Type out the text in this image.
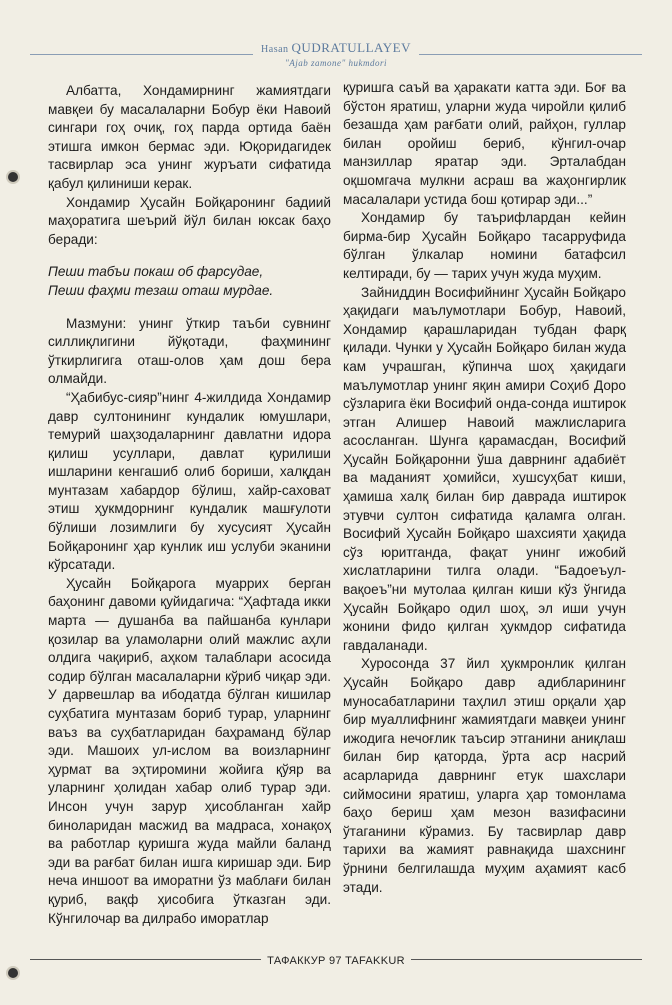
Hasan QUDRATULLAYEV
"Ajab zamone" hukmdori

Албатта, Хондамирнинг жамиятдаги мавқеи бу масалаларни Бобур ёки Навоий сингари гоҳ очиқ, гоҳ парда ортида баён этишга имкон бермас эди. Юқоридагидек тасвирлар эса унинг журъати сифатида қабул қилиниши керак.

Хондамир Ҳусайн Бойқаронинг бадиий маҳоратига шеърий йўл билан юксак баҳо беради:

Пеши табъи покаш об фарсудае,
Пеши фаҳми тезаш оташ мурдае.

Мазмуни: унинг ўткир таъби сувнинг силлиқлигини йўқотади, фаҳмининг ўткирлигига оташ-олов ҳам дош бера олмайди.

“Ҳабибус-сияр”нинг 4-жилдида Хондамир давр султонининг кундалик юмушлари, темурий шаҳзодаларнинг давлатни идора қилиш усуллари, давлат қурилиши ишларини кенгашиб олиб бориши, халқдан мунтазам хабардор бўлиш, хайр-саховат этиш ҳукмдорнинг кундалик машғулоти бўлиши лозимлиги бу хусусият Ҳусайн Бойқаронинг ҳар кунлик иш услуби эканини кўрсатади.

Ҳусайн Бойқарога муаррих берган баҳонинг давоми қуйидагича: “Ҳафтада икки марта — душанба ва пайшанба кунлари қозилар ва уламоларни олий мажлис аҳли олдига чақириб, аҳком талаблари асосида содир бўлган масалаларни кўриб чиқар эди. У дарвешлар ва ибодатда бўлган кишилар суҳбатига мунтазам бориб турар, уларнинг ваъз ва суҳбатларидан баҳраманд бўлар эди. Машоих ул-ислом ва воизларнинг ҳурмат ва эҳтиромини жойига қўяр ва уларнинг ҳолидан хабар олиб турар эди. Инсон учун зарур ҳисобланган хайр биноларидан масжид ва мадраса, хонақоҳ ва работлар қуришга жуда майли баланд эди ва рағбат билан ишга киришар эди. Бир неча иншоот ва иморатни ўз маблағи билан қуриб, вақф ҳисобига ўтказган эди. Кўнгилочар ва дилрабо иморатлар

қуришга саъй ва ҳаракати катта эди. Боғ ва бўстон яратиш, уларни жуда чиройли қилиб безашда ҳам рағбати олий, райҳон, гуллар билан оройиш бериб, кўнгил-очар манзиллар яратар эди. Эрталабдан оқшомгача мулкни асраш ва жаҳонгирлик масалалари устида бош қотирар эди...”

Хондамир бу таърифлардан кейин бирма-бир Ҳусайн Бойқаро тасарруфида бўлган ўлкалар номини батафсил келтиради, бу — тарих учун жуда муҳим.

Зайниддин Восифийнинг Ҳусайн Бойқаро ҳақидаги маълумотлари Бобур, Навоий, Хондамир қарашларидан тубдан фарқ қилади. Чунки у Ҳусайн Бойқаро билан жуда кам учрашган, кўпинча шоҳ ҳақидаги маълумотлар унинг яқин амири Соҳиб Доро сўзларига ёки Восифий онда-сонда иштирок этган Алишер Навоий мажлисларига асосланган. Шунга қарамасдан, Восифий Ҳусайн Бойқаронни ўша даврнинг адабиёт ва маданият ҳомийси, хушсуҳбат киши, ҳамиша халқ билан бир даврада иштирок этувчи султон сифатида қаламга олган. Восифий Ҳусайн Бойқаро шахсияти ҳақида сўз юритганда, фақат унинг ижобий хислатларини тилга олади. “Бадоеъул-вақоеъ”ни мутолаа қилган киши кўз ўнгида Ҳусайн Бойқаро одил шоҳ, эл иши учун жонини фидо қилган ҳукмдор сифатида гавдаланади.

Хуросонда 37 йил ҳукмронлик қилган Ҳусайн Бойқаро давр адибларининг муносабатларини таҳлил этиш орқали ҳар бир муаллифнинг жамиятдаги мавқеи унинг ижодига нечоғлик таъсир этганини аниқлаш билан бир қаторда, ўрта аср насрий асарларида даврнинг етук шахслари сиймосини яратиш, уларга ҳар томонлама баҳо бериш ҳам мезон вазифасини ўтаганини кўрамиз. Бу тасвирлар давр тарихи ва жамият равнақида шахснинг ўрнини белгилашда муҳим аҳамият касб этади.

ТАФАККУР 97 TAFAKKUR
